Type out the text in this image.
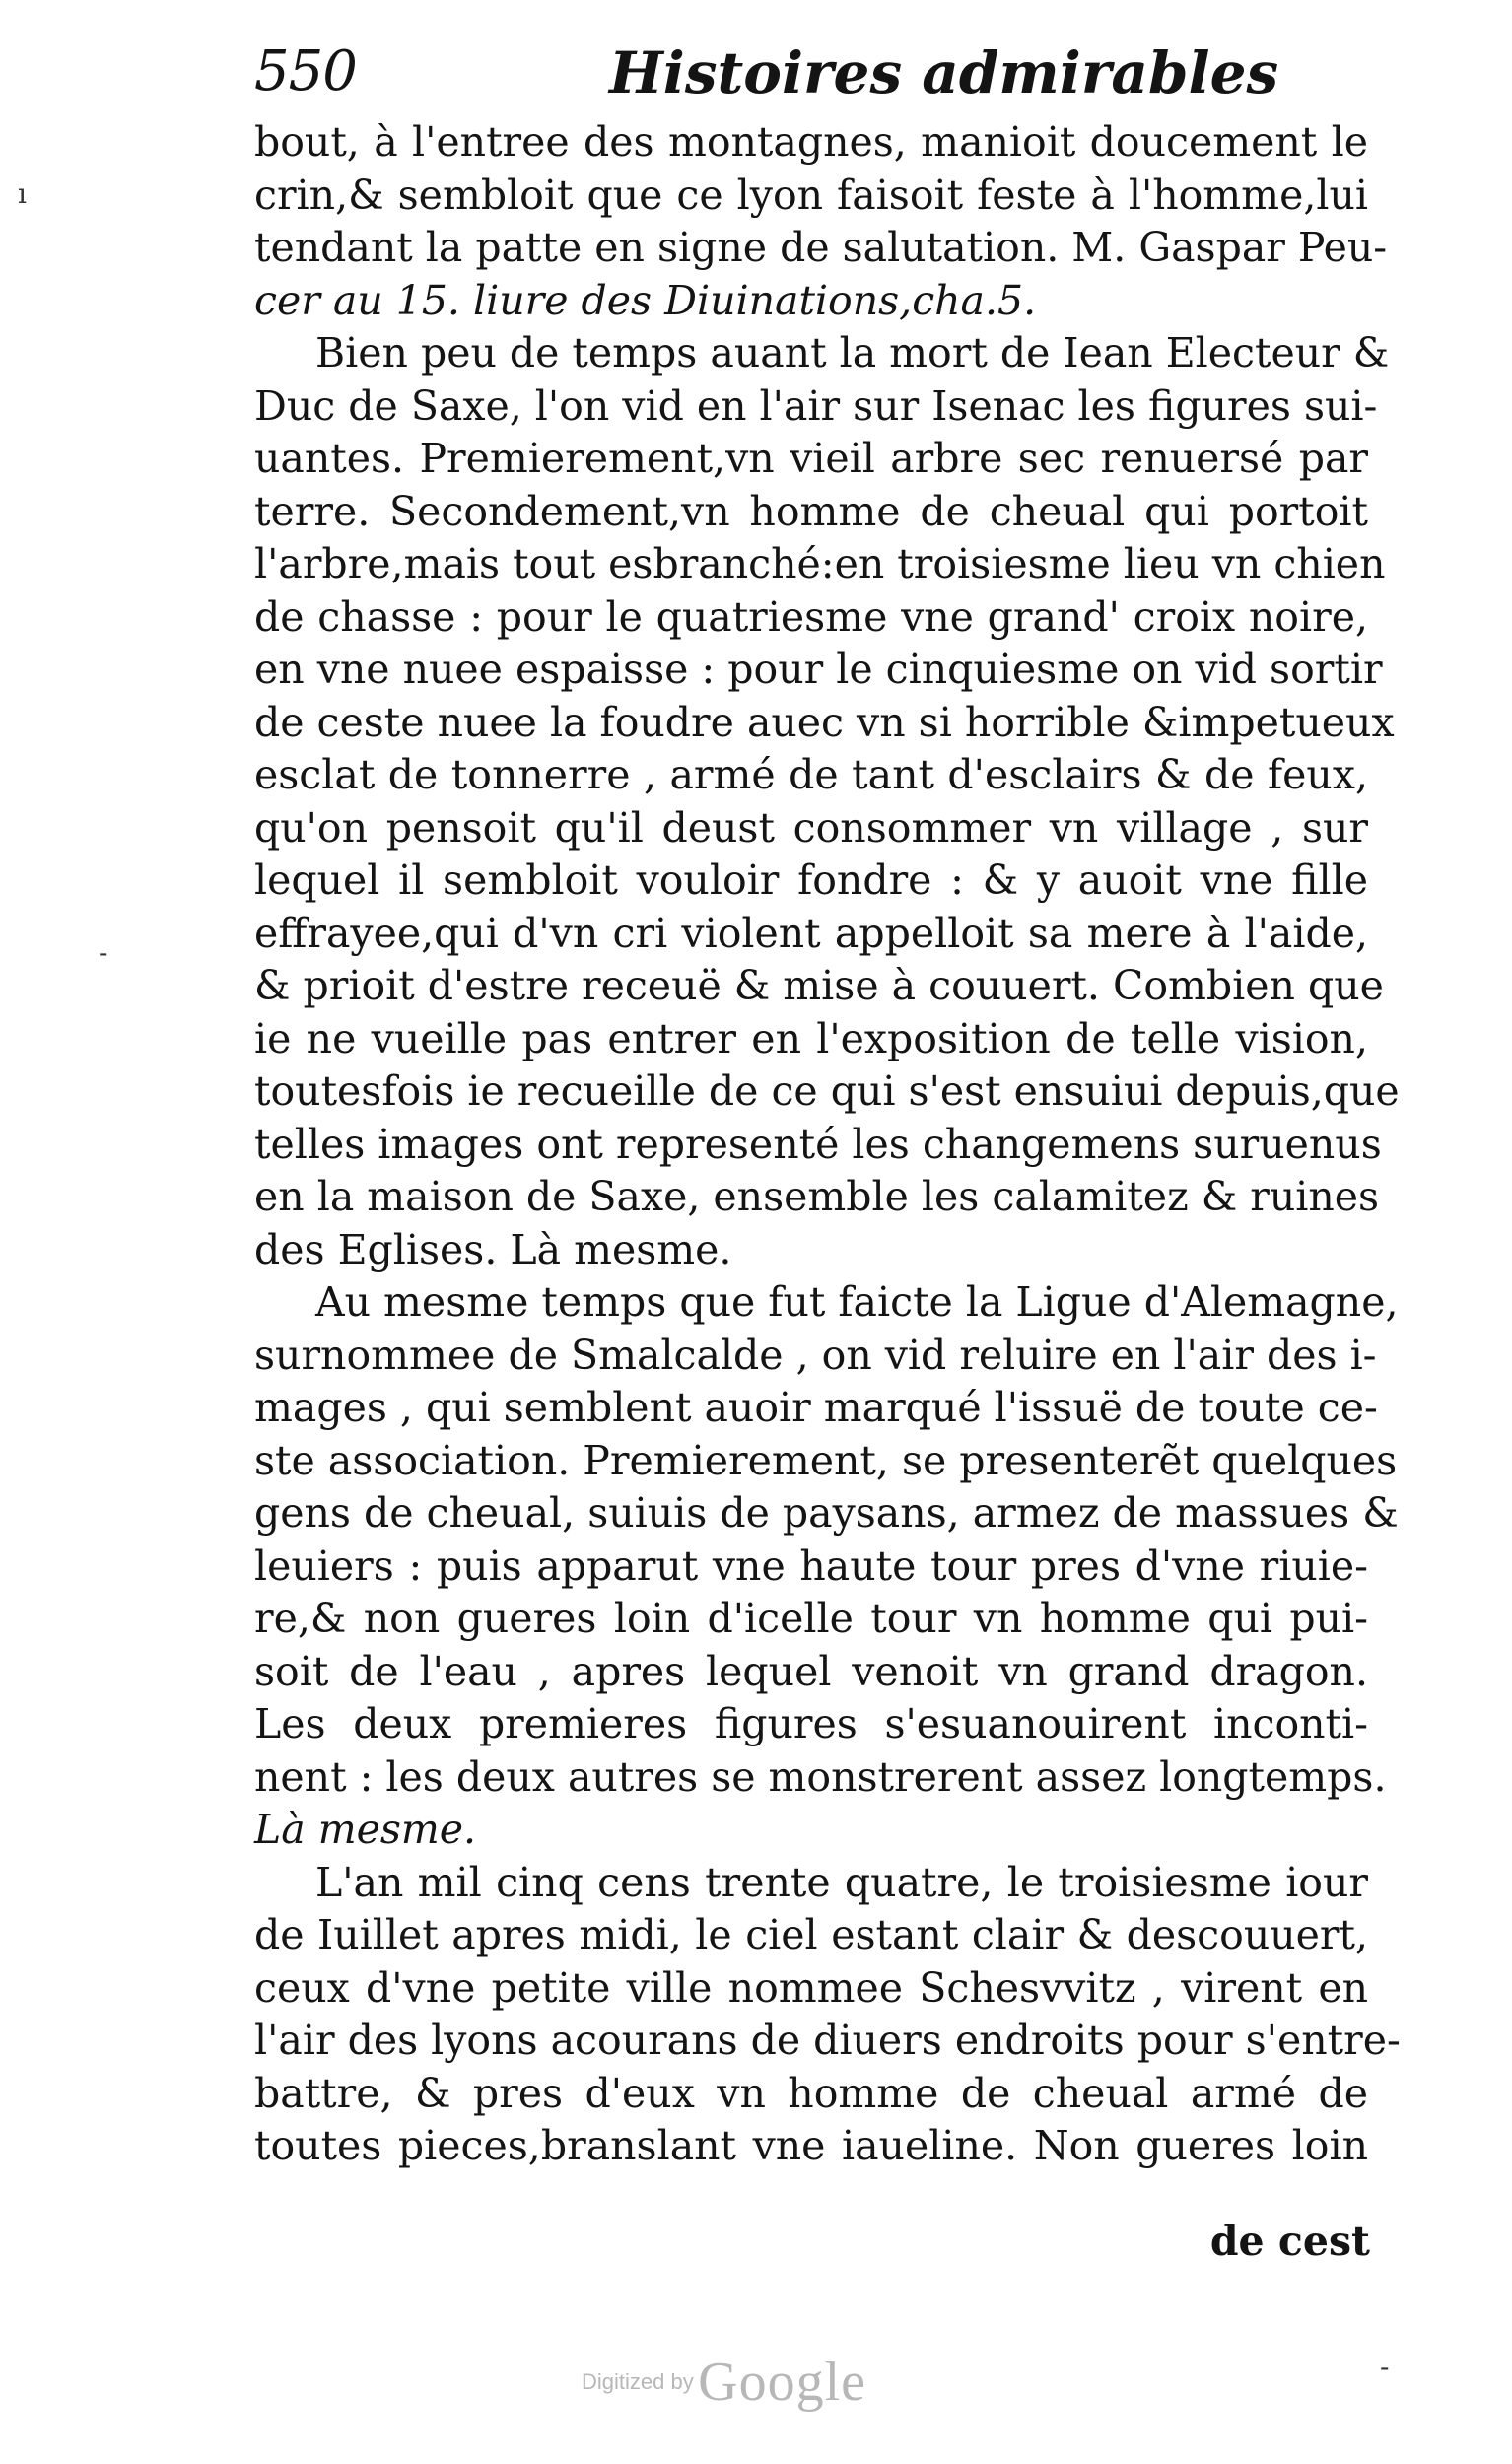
550	Histoires admirables
bout, à l'entree des montagnes, manioit doucement le
crin,& sembloit que ce lyon faisoit feste à l'homme,lui
tendant la patte en signe de salutation. M. Gaspar Peu-
cer au 15. liure des Diuinations,cha.5.
Bien peu de temps auant la mort de Iean Electeur &
Duc de Saxe, l'on vid en l'air sur Isenac les figures sui-
uantes. Premierement,vn vieil arbre sec renuersé par
terre. Secondement,vn homme de cheual qui portoit
l'arbre,mais tout esbranché:en troisiesme lieu vn chien
de chasse : pour le quatriesme vne grand' croix noire,
en vne nuee espaisse : pour le cinquiesme on vid sortir
de ceste nuee la foudre auec vn si horrible &impetueux
esclat de tonnerre , armé de tant d'esclairs & de feux,
qu'on pensoit qu'il deust consommer vn village , sur
lequel il sembloit vouloir fondre : & y auoit vne fille
effrayee,qui d'vn cri violent appelloit sa mere à l'aide,
& prioit d'estre receuë & mise à couuert. Combien que
ie ne vueille pas entrer en l'exposition de telle vision,
toutesfois ie recueille de ce qui s'est ensuiui depuis,que
telles images ont representé les changemens suruenus
en la maison de Saxe, ensemble les calamitez & ruines
des Eglises. Là mesme.
Au mesme temps que fut faicte la Ligue d'Alemagne,
surnommee de Smalcalde , on vid reluire en l'air des i-
mages , qui semblent auoir marqué l'issuë de toute ce-
ste association. Premierement, se presenterẽt quelques
gens de cheual, suiuis de paysans, armez de massues &
leuiers : puis apparut vne haute tour pres d'vne riuie-
re,& non gueres loin d'icelle tour vn homme qui pui-
soit de l'eau , apres lequel venoit vn grand dragon.
Les deux premieres figures s'esuanouirent inconti-
nent : les deux autres se monstrerent assez longtemps.
Là mesme.
L'an mil cinq cens trente quatre, le troisiesme iour
de Iuillet apres midi, le ciel estant clair & descouuert,
ceux d'vne petite ville nommee Schesvvitz , virent en
l'air des lyons acourans de diuers endroits pour s'entre-
battre, & pres d'eux vn homme de cheual armé de
toutes pieces,branslant vne iaueline. Non gueres loin
de cest
ı
-
-
Digitized by Google
